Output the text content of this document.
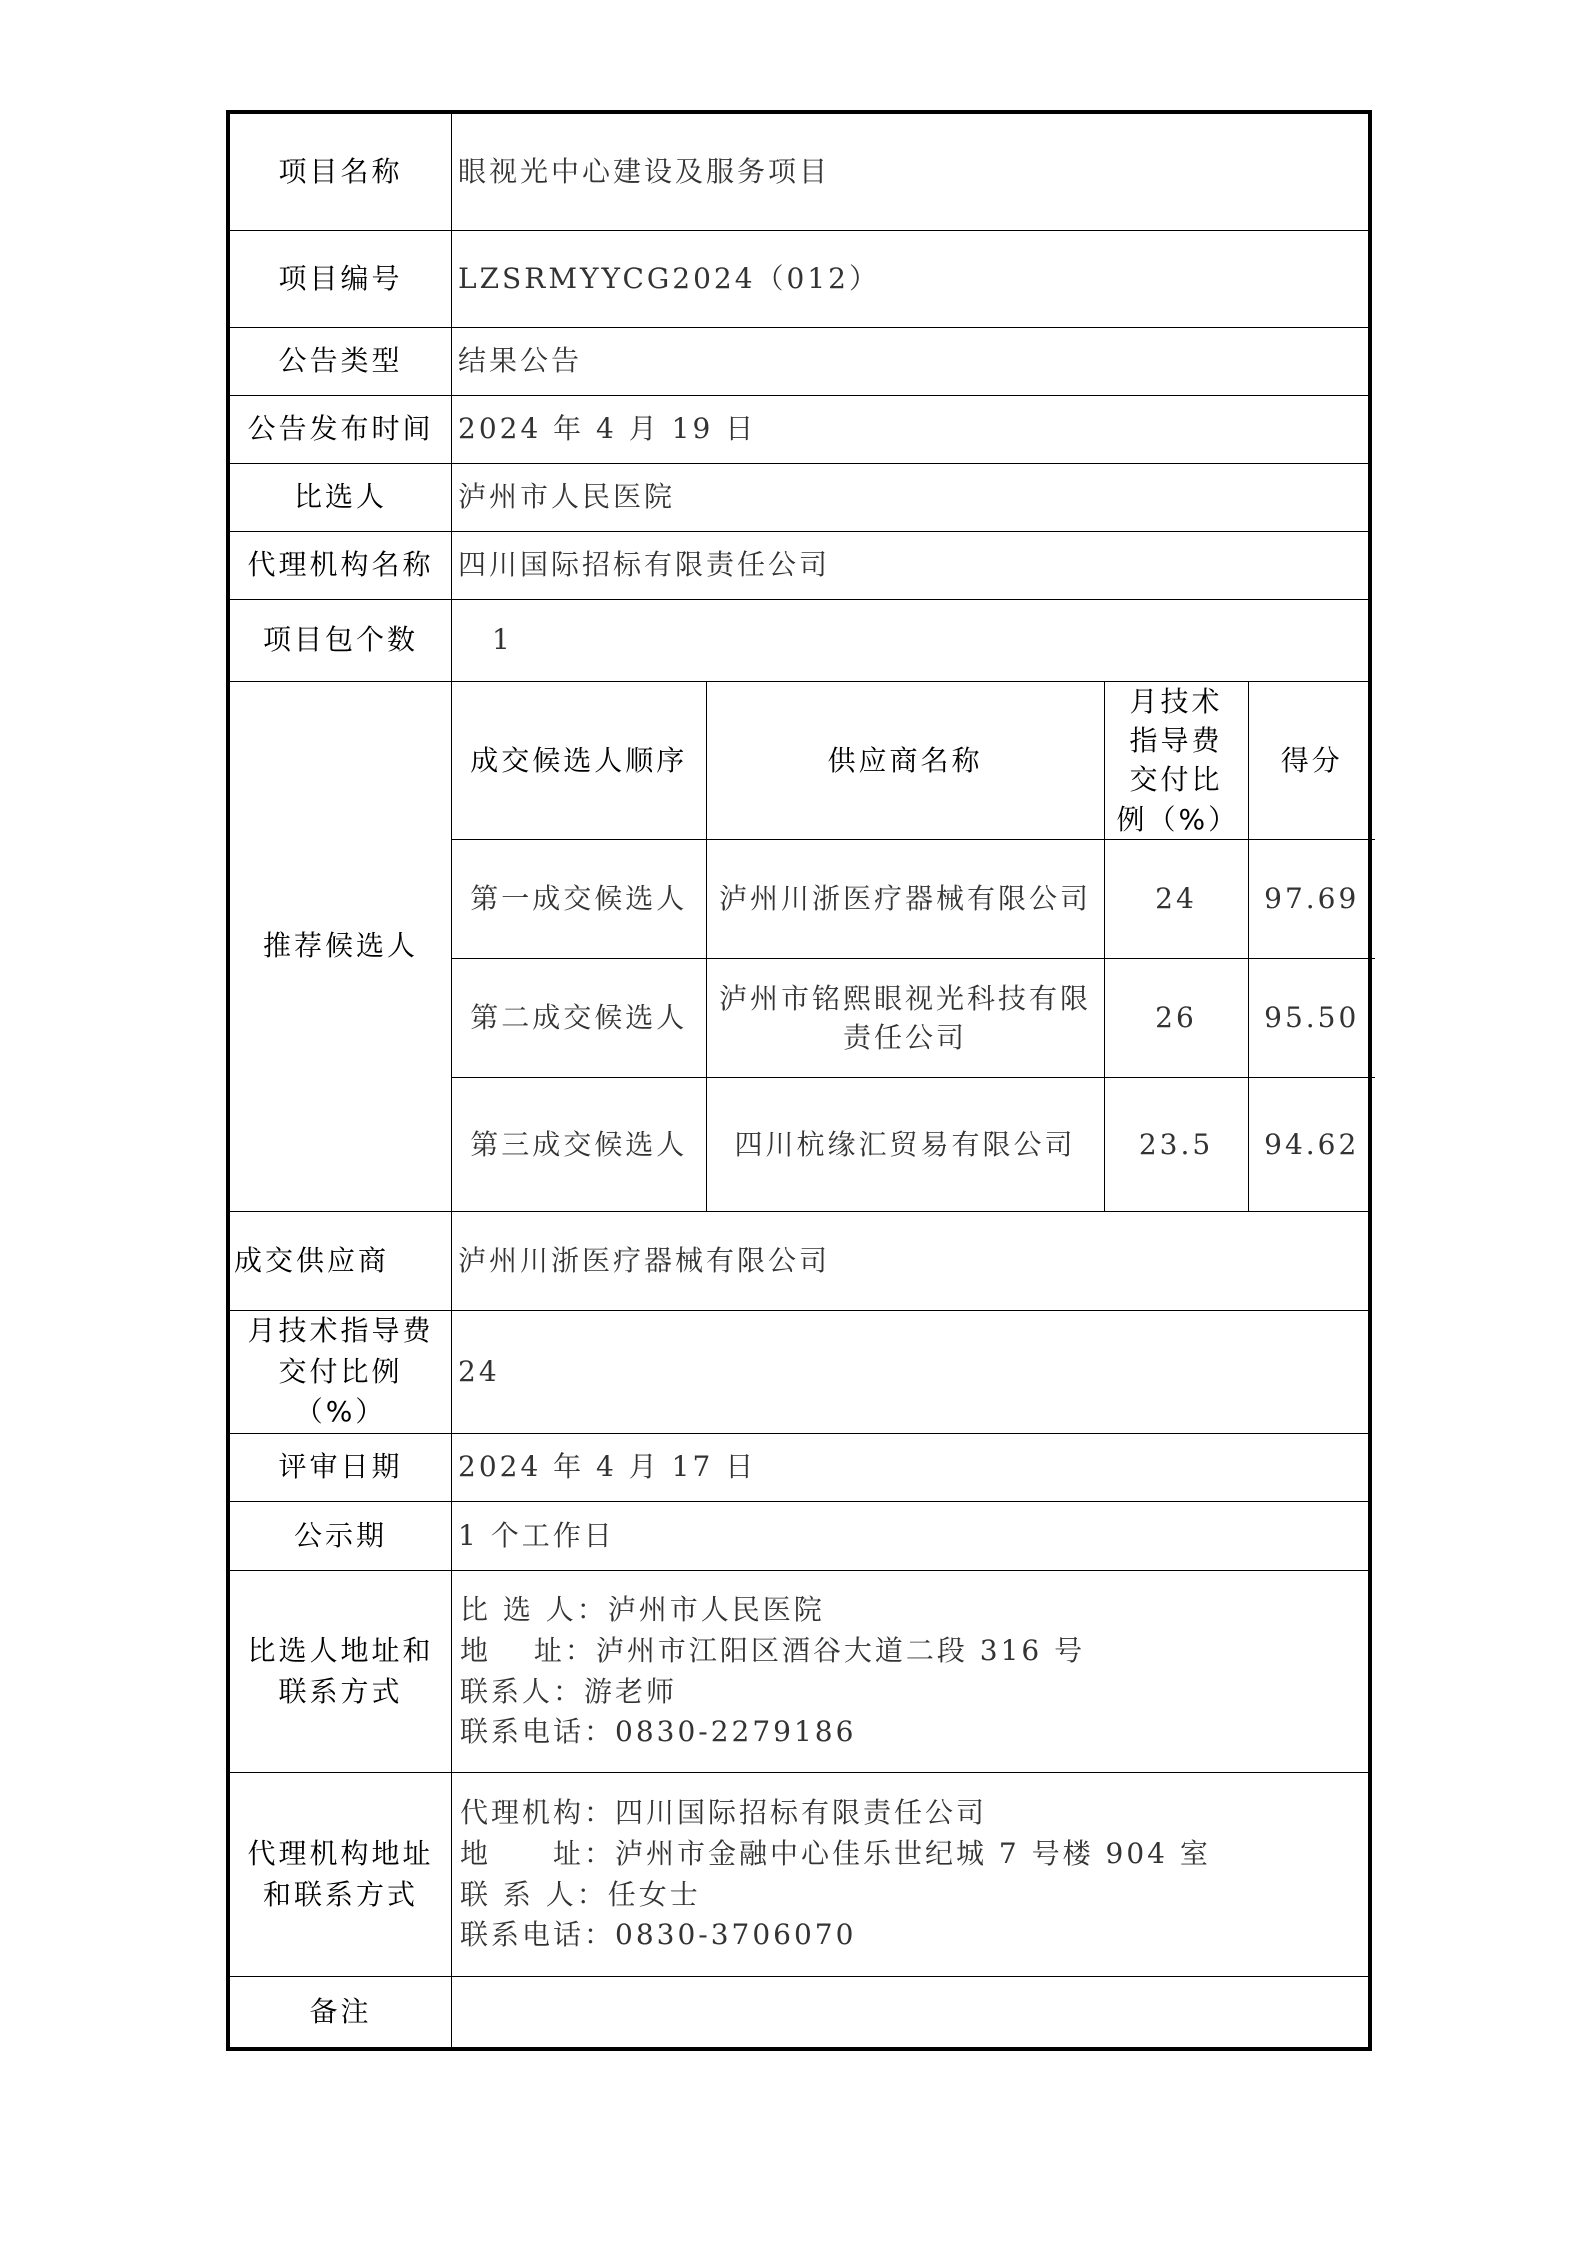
项目名称	眼视光中心建设及服务项目
项目编号	LZSRMYYCG2024（012）
公告类型	结果公告
公告发布时间	2024 年 4 月 19 日
比选人	泸州市人民医院
代理机构名称	四川国际招标有限责任公司
项目包个数	1
推荐候选人	
成交候选人顺序	供应商名称	月技术指导费交付比例（%）	得分
第一成交候选人	泸州川浙医疗器械有限公司	24	97.69
第二成交候选人	泸州市铭熙眼视光科技有限责任公司	26	95.50
第三成交候选人	四川杭缘汇贸易有限公司	23.5	94.62

成交供应商	泸州川浙医疗器械有限公司
月技术指导费交付比例（%）	24
评审日期	2024 年 4 月 17 日
公示期	1 个工作日
比选人地址和联系方式	
比 选 人：泸州市人民医院
地　 址：泸州市江阳区酒谷大道二段 316 号
联系人：游老师
联系电话：0830-2279186

代理机构地址和联系方式	
代理机构：四川国际招标有限责任公司
地　　址：泸州市金融中心佳乐世纪城 7 号楼 904 室
联 系 人：任女士
联系电话：0830-3706070

备注	
